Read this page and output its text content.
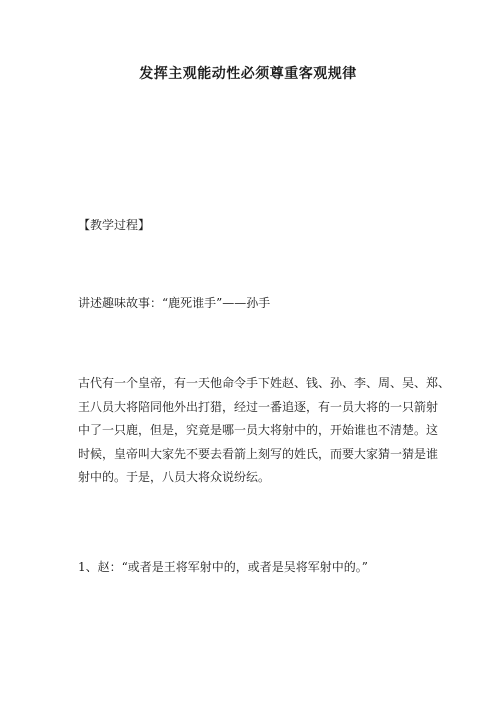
发挥主观能动性必须尊重客观规律
【教学过程】
讲述趣味故事：“鹿死谁手”——孙手
古代有一个皇帝，有一天他命令手下姓赵、钱、孙、李、周、吴、郑、
王八员大将陪同他外出打猎，经过一番追逐，有一员大将的一只箭射
中了一只鹿，但是，究竟是哪一员大将射中的，开始谁也不清楚。这
时候，皇帝叫大家先不要去看箭上刻写的姓氏，而要大家猜一猜是谁
射中的。于是，八员大将众说纷纭。
1、赵：“或者是王将军射中的，或者是吴将军射中的。”
